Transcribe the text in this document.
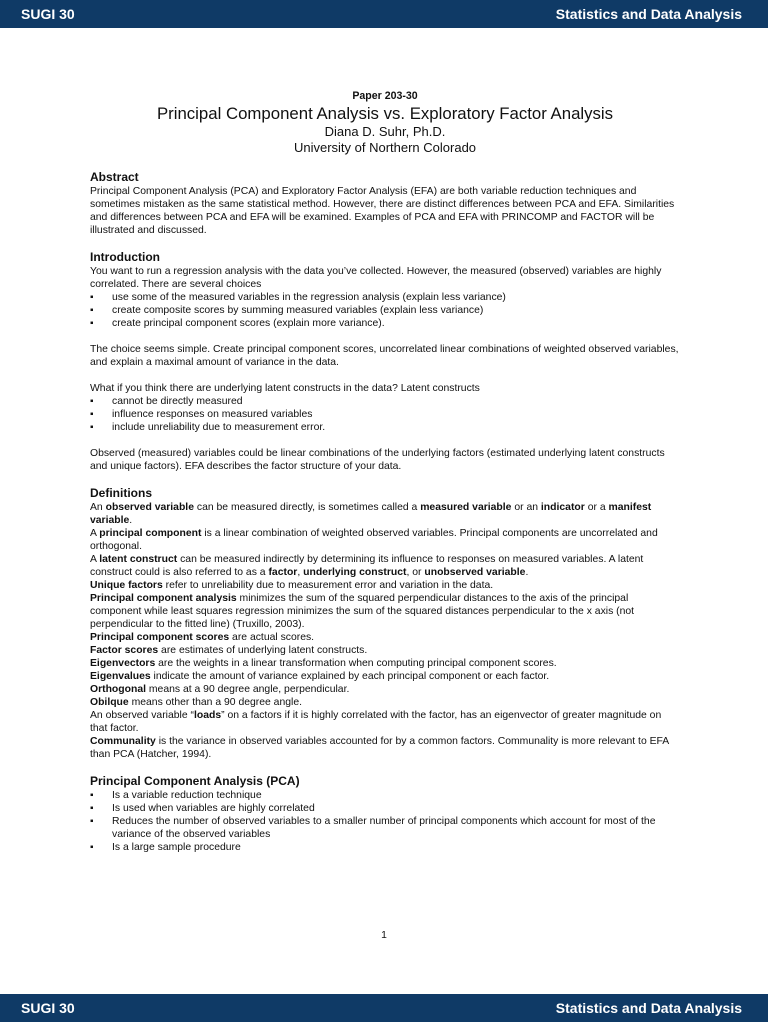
SUGI 30	Statistics and Data Analysis
Paper 203-30
Principal Component Analysis vs. Exploratory Factor Analysis
Diana D. Suhr, Ph.D.
University of Northern Colorado
Abstract

Principal Component Analysis (PCA) and Exploratory Factor Analysis (EFA) are both variable reduction techniques and sometimes mistaken as the same statistical method. However, there are distinct differences between PCA and EFA. Similarities and differences between PCA and EFA will be examined. Examples of PCA and EFA with PRINCOMP and FACTOR will be illustrated and discussed.

Introduction

You want to run a regression analysis with the data you’ve collected. However, the measured (observed) variables are highly correlated. There are several choices

▪ use some of the measured variables in the regression analysis (explain less variance)
▪ create composite scores by summing measured variables (explain less variance)
▪ create principal component scores (explain more variance).

The choice seems simple. Create principal component scores, uncorrelated linear combinations of weighted observed variables, and explain a maximal amount of variance in the data.

What if you think there are underlying latent constructs in the data? Latent constructs

▪ cannot be directly measured
▪ influence responses on measured variables
▪ include unreliability due to measurement error.

Observed (measured) variables could be linear combinations of the underlying factors (estimated underlying latent constructs and unique factors). EFA describes the factor structure of your data.

Definitions

An observed variable can be measured directly, is sometimes called a measured variable or an indicator or a manifest variable.

A principal component is a linear combination of weighted observed variables. Principal components are uncorrelated and orthogonal.

A latent construct can be measured indirectly by determining its influence to responses on measured variables. A latent construct could is also referred to as a factor, underlying construct, or unobserved variable.

Unique factors refer to unreliability due to measurement error and variation in the data.

Principal component analysis minimizes the sum of the squared perpendicular distances to the axis of the principal component while least squares regression minimizes the sum of the squared distances perpendicular to the x axis (not perpendicular to the fitted line) (Truxillo, 2003).

Principal component scores are actual scores.

Factor scores are estimates of underlying latent constructs.

Eigenvectors are the weights in a linear transformation when computing principal component scores.

Eigenvalues indicate the amount of variance explained by each principal component or each factor.

Orthogonal means at a 90 degree angle, perpendicular.

Obilque means other than a 90 degree angle.

An observed variable “loads” on a factors if it is highly correlated with the factor, has an eigenvector of greater magnitude on that factor.

Communality is the variance in observed variables accounted for by a common factors. Communality is more relevant to EFA than PCA (Hatcher, 1994).

Principal Component Analysis (PCA)
▪ Is a variable reduction technique
▪ Is used when variables are highly correlated
▪ Reduces the number of observed variables to a smaller number of principal components which account for most of the variance of the observed variables
▪ Is a large sample procedure
1
SUGI 30	Statistics and Data Analysis
